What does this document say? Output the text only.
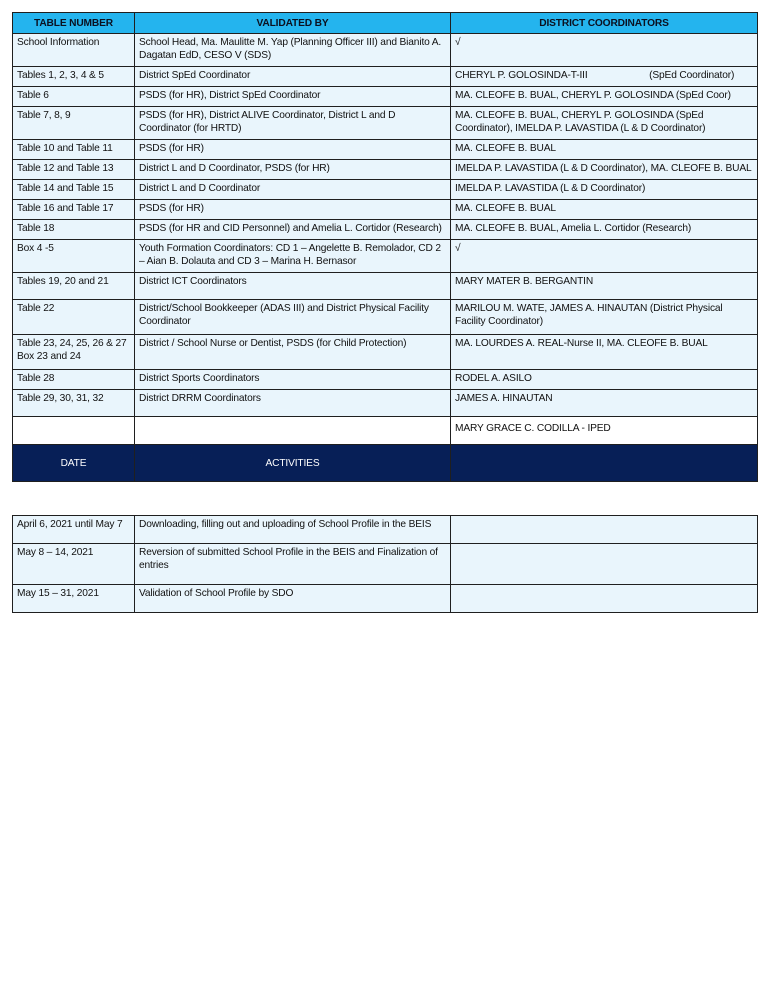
TABLE NUMBER	VALIDATED BY	DISTRICT COORDINATORS
School Information	School Head, Ma. Maulitte M. Yap (Planning Officer III) and Bianito A. Dagatan EdD, CESO V (SDS)	√
Tables 1, 2, 3, 4 & 5	District SpEd Coordinator	CHERYL P. GOLOSINDA-T-III                       (SpEd Coordinator)
Table 6	PSDS (for HR), District SpEd Coordinator	MA. CLEOFE B. BUAL, CHERYL P. GOLOSINDA (SpEd Coor)
Table 7, 8, 9	PSDS (for HR), District ALIVE Coordinator, District L and D Coordinator (for HRTD)	MA. CLEOFE B. BUAL, CHERYL P. GOLOSINDA (SpEd Coordinator), IMELDA P. LAVASTIDA (L & D Coordinator)
Table 10 and Table 11	PSDS (for HR)	MA. CLEOFE B. BUAL
Table 12 and Table 13	District L and D Coordinator, PSDS (for HR)	IMELDA P. LAVASTIDA (L & D Coordinator), MA. CLEOFE B. BUAL
Table 14 and Table 15	District L and D Coordinator	IMELDA P. LAVASTIDA (L & D Coordinator)
Table 16 and Table 17	PSDS (for HR)	MA. CLEOFE B. BUAL
Table 18	PSDS (for HR and CID Personnel) and Amelia L. Cortidor (Research)	MA. CLEOFE B. BUAL, Amelia L. Cortidor (Research)
Box 4 -5	Youth Formation Coordinators: CD 1 – Angelette B. Remolador, CD 2 – Aian B. Dolauta and CD 3 – Marina H. Bernasor	√
Tables 19, 20 and 21	District ICT Coordinators	MARY MATER B. BERGANTIN
Table 22	District/School Bookkeeper (ADAS III) and District Physical Facility Coordinator	MARILOU M. WATE, JAMES A. HINAUTAN (District Physical Facility Coordinator)
Table 23, 24, 25, 26 & 27 Box 23 and 24	District / School Nurse or Dentist, PSDS (for Child Protection)	MA. LOURDES A. REAL-Nurse II, MA. CLEOFE B. BUAL
Table 28	District Sports Coordinators	RODEL A. ASILO
Table 29, 30, 31, 32	District DRRM Coordinators	JAMES A. HINAUTAN
		MARY GRACE C. CODILLA - IPED
DATE	ACTIVITIES	
April 6, 2021 until May 7	Downloading, filling out and uploading of School Profile in the BEIS	
May 8 – 14, 2021	Reversion of submitted School Profile in the BEIS and Finalization of entries	
May 15 – 31, 2021	Validation of School Profile by SDO	
